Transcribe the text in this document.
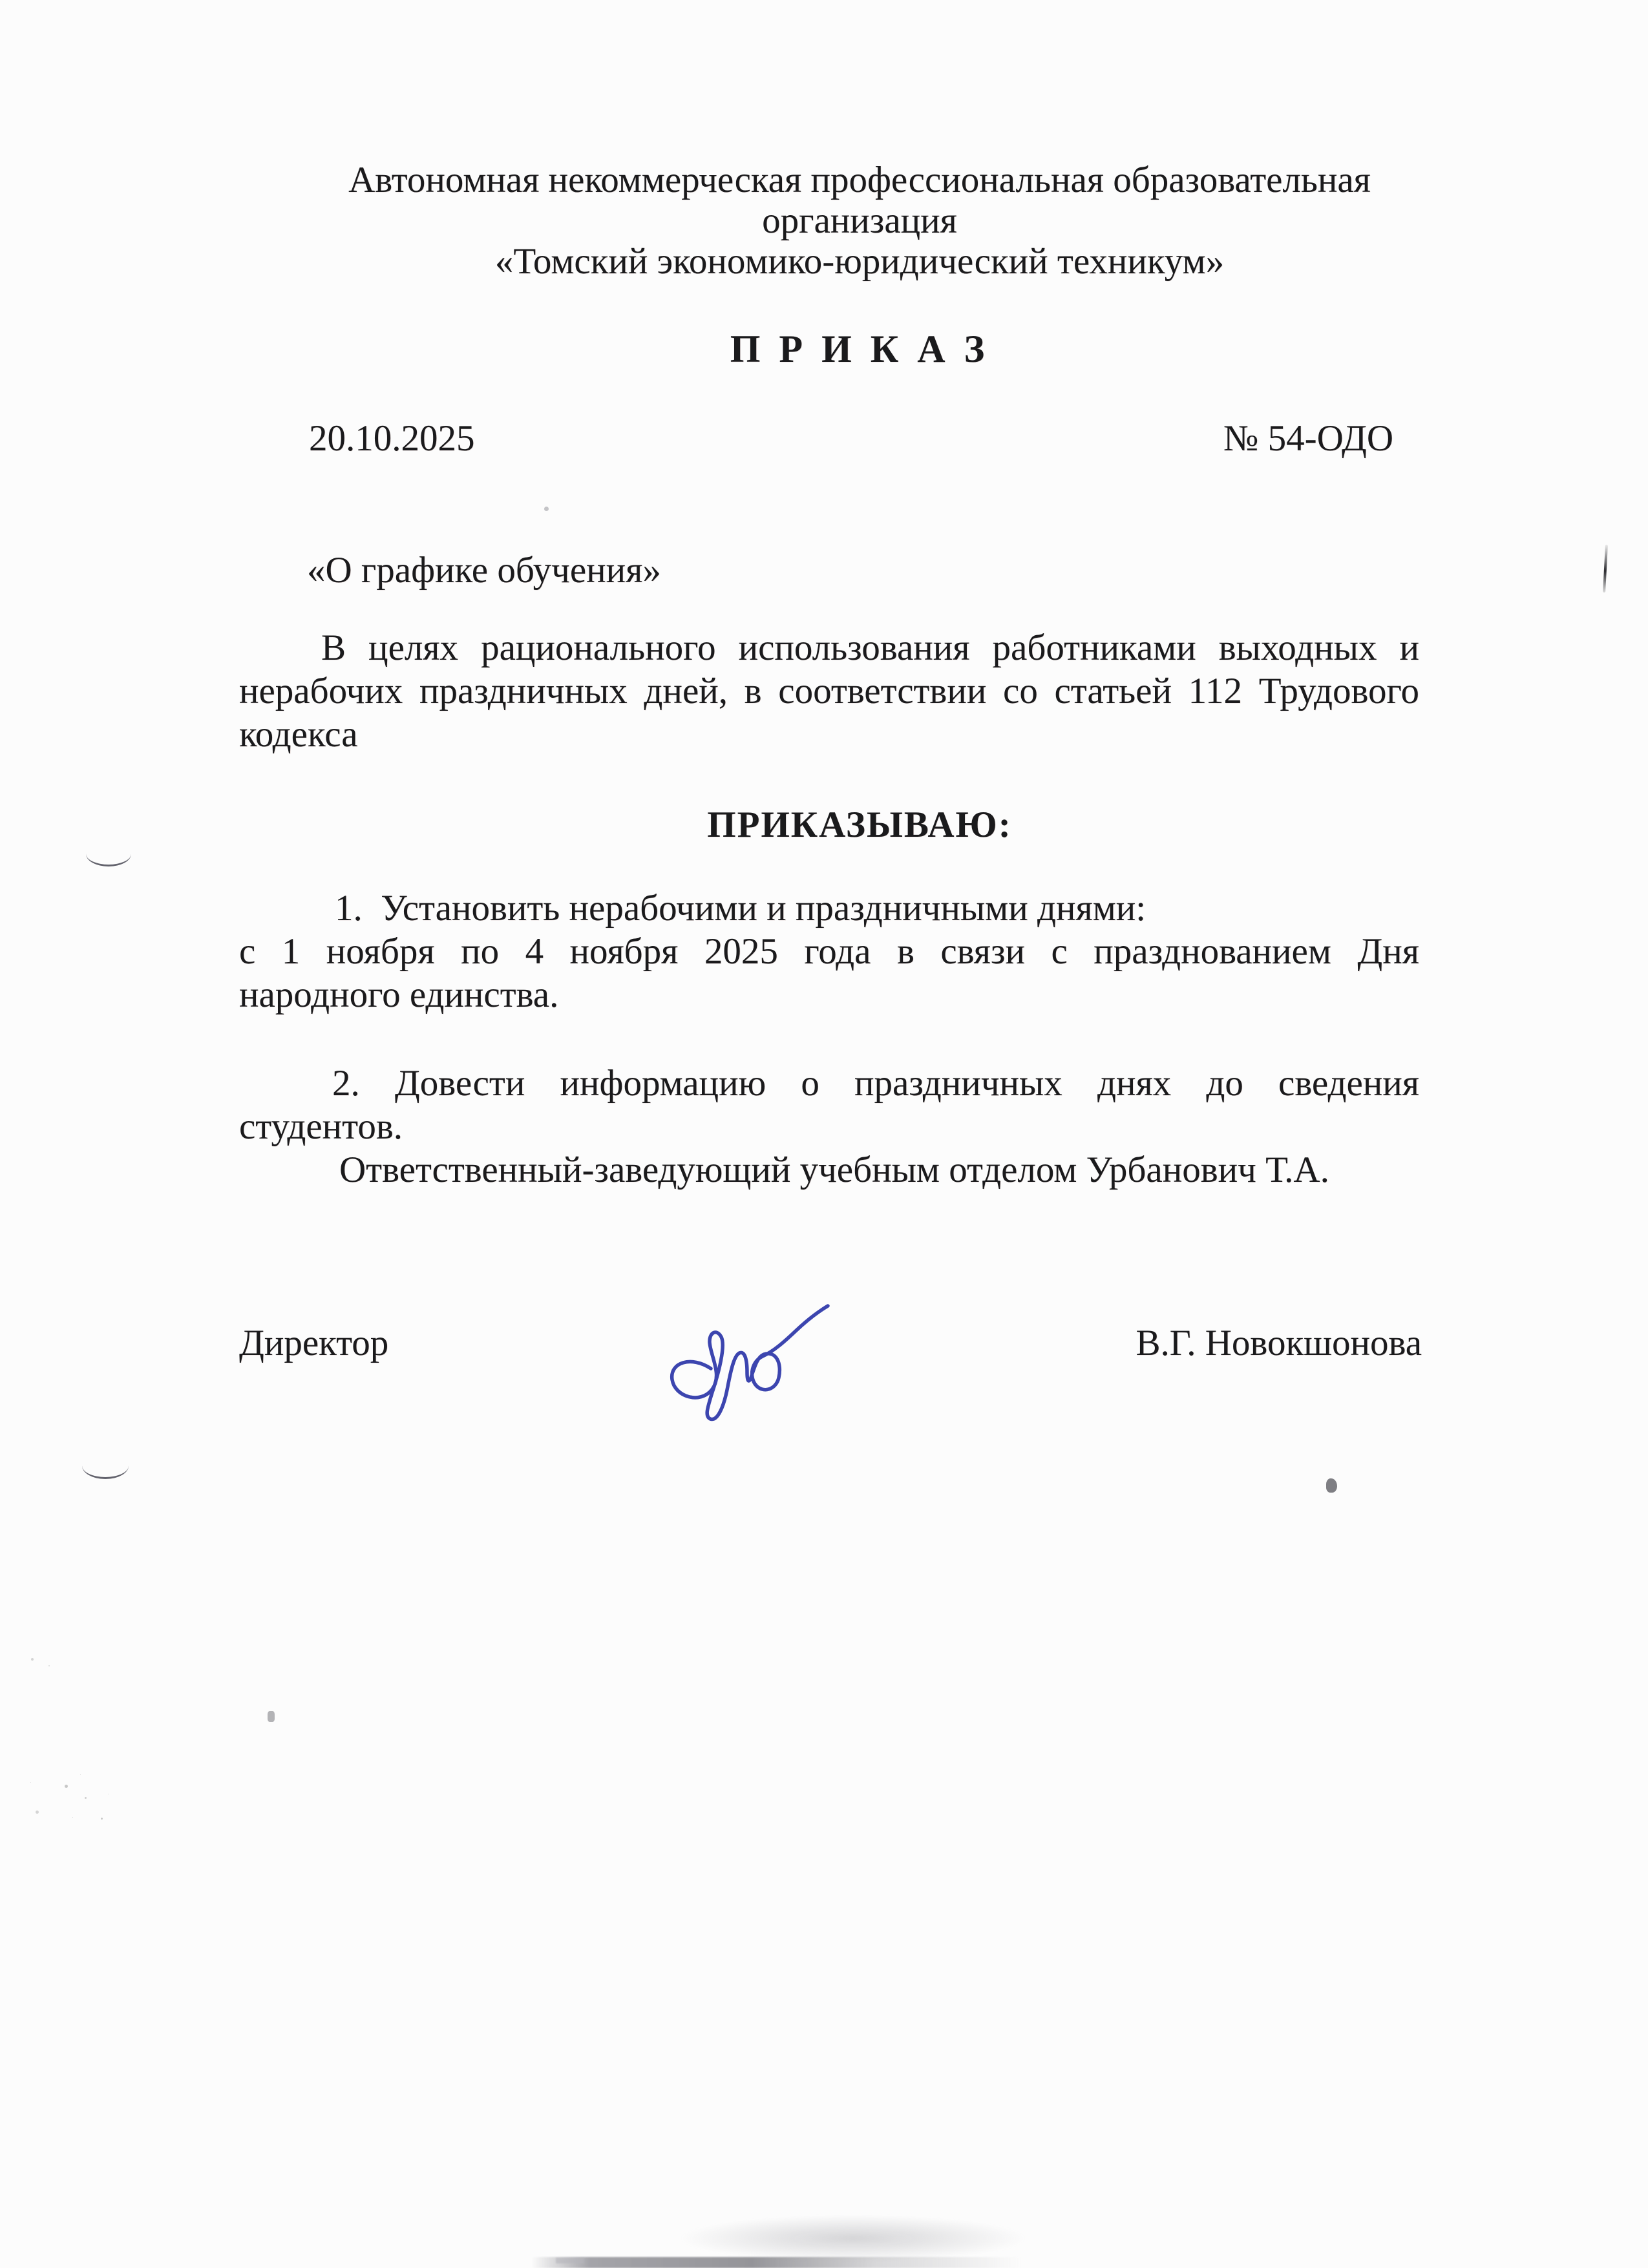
Автономная некоммерческая профессиональная образовательная
организация
«Томский экономико-юридический техникум»
П Р И К А З
20.10.2025	№ 54-ОДО
«О графике обучения»
В целях рационального использования работниками выходных и
нерабочих праздничных дней, в соответствии со статьей 112 Трудового
кодекса
ПРИКАЗЫВАЮ:
1.  Установить нерабочими и праздничными днями:
с 1 ноября по 4 ноября 2025 года в связи с празднованием Дня
народного единства.
2. Довести информацию о праздничных днях до сведения
студентов.
Ответственный-заведующий учебным отделом Урбанович Т.А.
Директор	В.Г. Новокшонова
